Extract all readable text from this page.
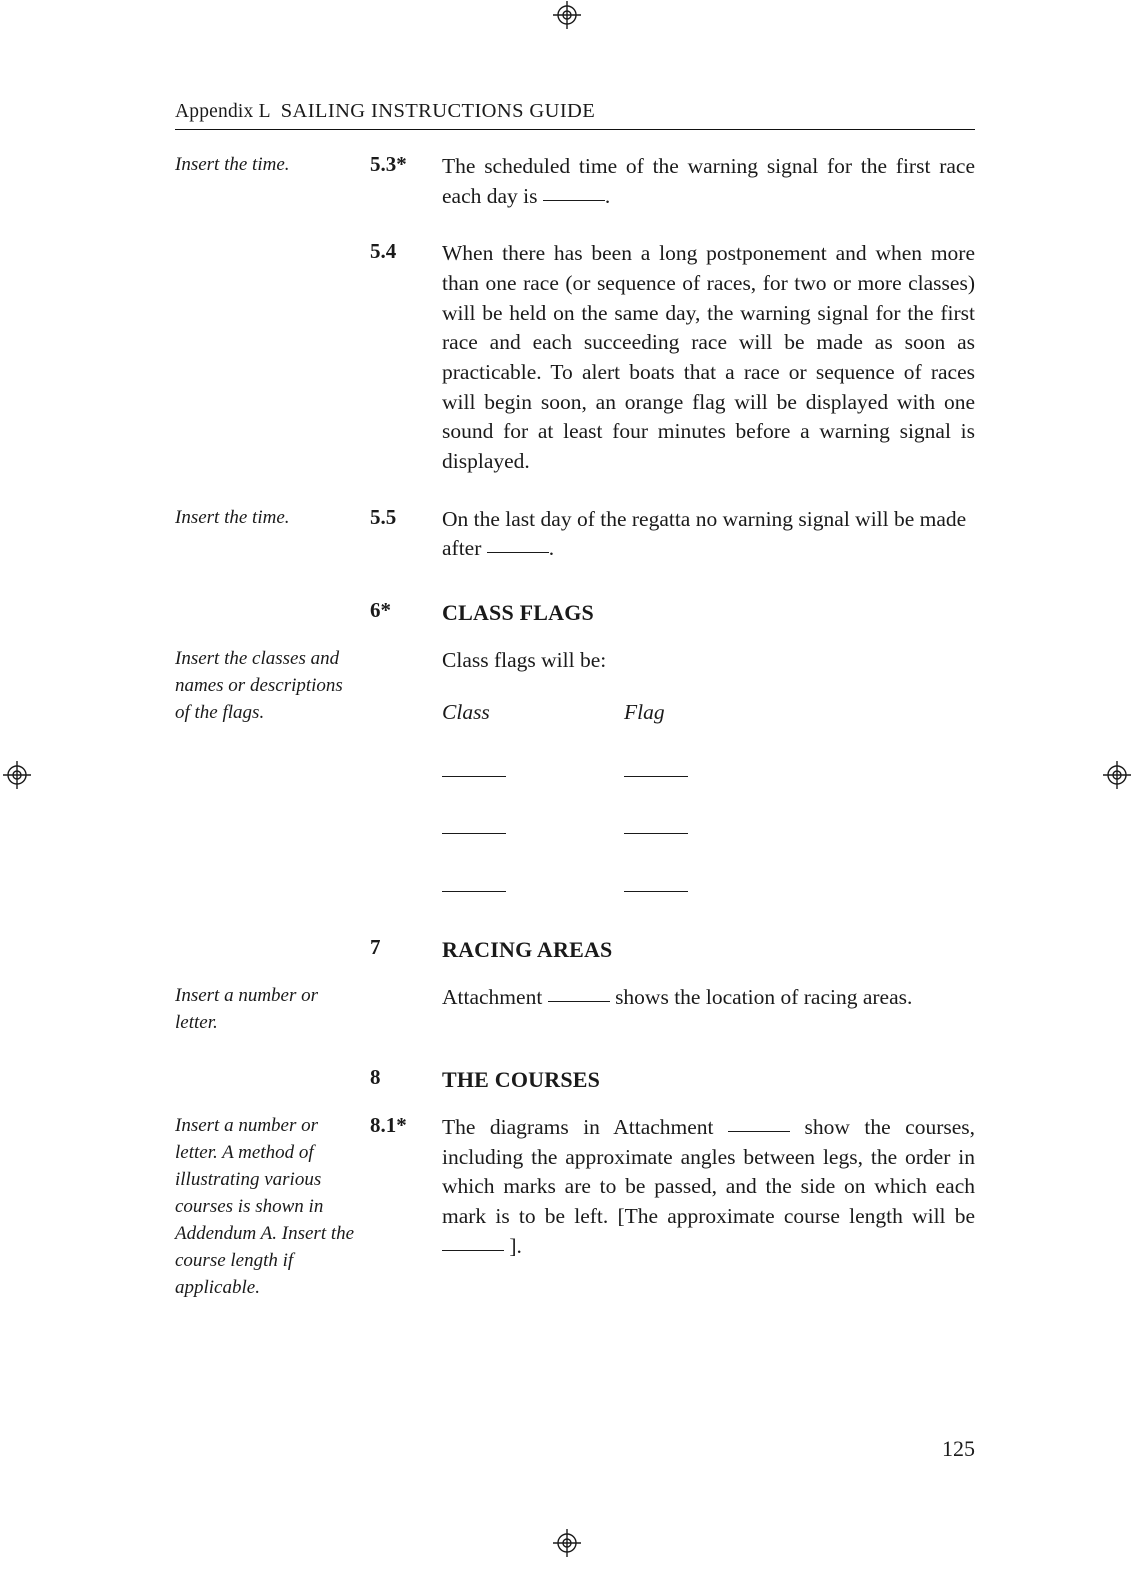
Appendix L SAILING INSTRUCTIONS GUIDE
Insert the time.	5.3*	The scheduled time of the warning signal for the first race each day is	.
5.4	When there has been a long postponement and when more than one race (or sequence of races, for two or more classes) will be held on the same day, the warning signal for the first race and each succeeding race will be made as soon as practicable. To alert boats that a race or sequence of races will begin soon, an orange flag will be displayed with one sound for at least four minutes before a warning signal is displayed.
Insert the time.	5.5	On the last day of the regatta no warning signal will be made after	.
6*	CLASS FLAGS
Insert the classes and names or descriptions of the flags.
Class flags will be:
Class	Flag
7	RACING AREAS
Insert a number or letter.
Attachment	shows the location of racing areas.
8	THE COURSES
Insert a number or letter. A method of illustrating various courses is shown in Addendum A. Insert the course length if applicable.
8.1*	The diagrams in Attachment	show the courses, including the approximate angles between legs, the order in which marks are to be passed, and the side on which each mark is to be left. [The approximate course length will be  ].
125
